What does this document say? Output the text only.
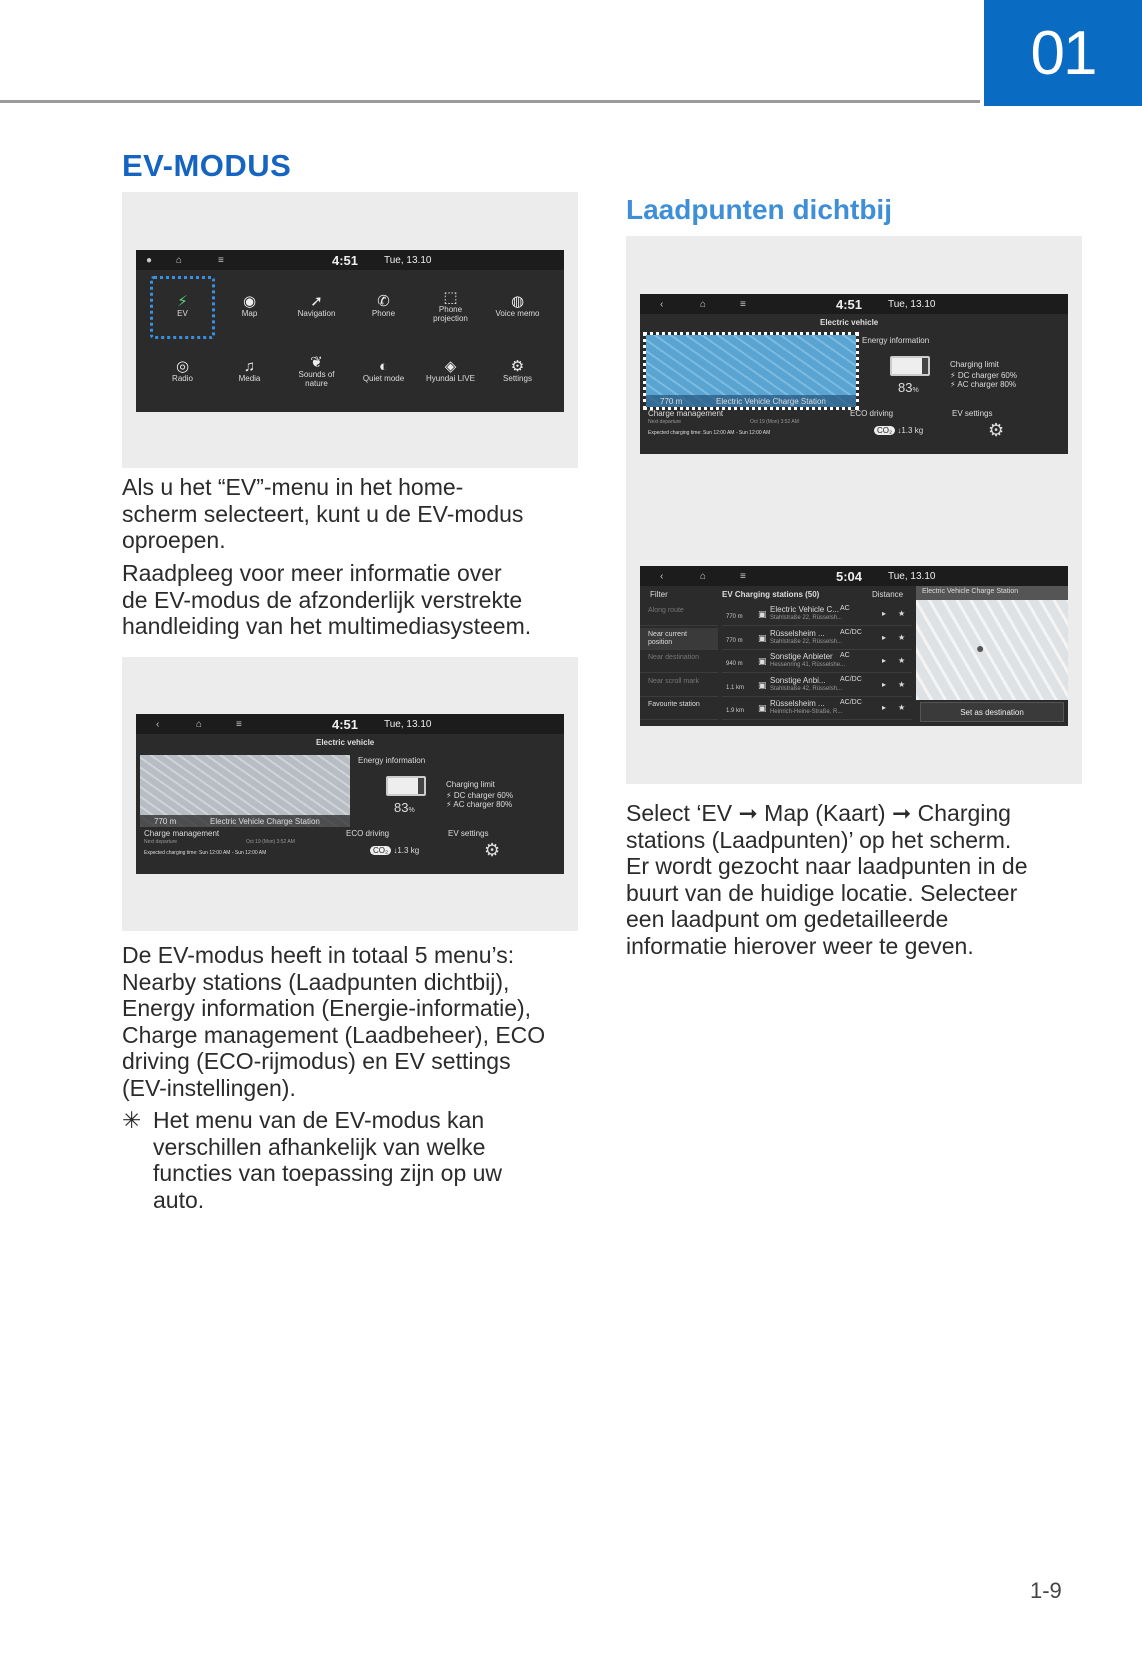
01
EV-MODUS
Laadpunten dichtbij
● ⌂	≡	4:51	Tue, 13.10
⚡
EV
◉
Map
➚
Navigation
✆
Phone
⬚
Phone
projection
◍
Voice memo
◎
Radio
♫
Media
❦
Sounds of
nature
◐
Quiet mode
◈
Hyundai LIVE
⚙
Settings
Als u het “EV”-menu in het home-
scherm selecteert, kunt u de EV-modus
oproepen.
Raadpleeg voor meer informatie over
de EV-modus de afzonderlijk verstrekte
handleiding van het multimediasysteem.
‹	⌂	≡	4:51	Tue, 13.10
Electric vehicle
770 m	Electric Vehicle Charge Station
Energy information
83%
Charging limit
⚡ DC charger 60%
⚡ AC charger 80%
Charge management
Next departure	Oct 19 (Mon) 3:52 AM
Expected charging time: Sun 12:00 AM - Sun 12:00 AM
ECO driving
CO₂ ↓1.3 kg
EV settings
⚙
De EV-modus heeft in totaal 5 menu’s:
Nearby stations (Laadpunten dichtbij),
Energy information (Energie-informatie),
Charge management (Laadbeheer), ECO
driving (ECO-rijmodus) en EV settings
(EV-instellingen).
✳ Het menu van de EV-modus kan
verschillen afhankelijk van welke
functies van toepassing zijn op uw
auto.
‹	⌂	≡	4:51	Tue, 13.10
Electric vehicle
770 m	Electric Vehicle Charge Station
Energy information
83%
Charging limit
⚡ DC charger 60%
⚡ AC charger 80%
Charge management
Next departure	Oct 19 (Mon) 3:52 AM
Expected charging time: Sun 12:00 AM - Sun 12:00 AM
ECO driving
CO₂ ↓1.3 kg
EV settings
⚙
‹	⌂	≡	5:04	Tue, 13.10
Filter	EV Charging stations (50)	Distance
Along route
Near current position
Near destination
Near scroll mark
Favourite station
770 m
Electric Vehicle C... AC
Stahlstraße 22, Rüsselsh...
▣	▸ ★
770 m
Rüsselsheim ... AC/DC
Stahlstraße 22, Rüsselsh...
▣	▸ ★
940 m
Sonstige Anbieter AC
Hessenring 41, Rüsselshe...
▣	▸ ★
1.1 km
Sonstige Anbi... AC/DC
Stahlstraße 42, Rüsselsh...
▣	▸ ★
1.9 km
Rüsselsheim ... AC/DC
Heinrich-Heine-Straße, R...
▣	▸ ★
Electric Vehicle Charge Station
●
Set as destination
Select ‘EV ➞ Map (Kaart) ➞ Charging
stations (Laadpunten)’ op het scherm.
Er wordt gezocht naar laadpunten in de
buurt van de huidige locatie. Selecteer
een laadpunt om gedetailleerde
informatie hierover weer te geven.
1-9
